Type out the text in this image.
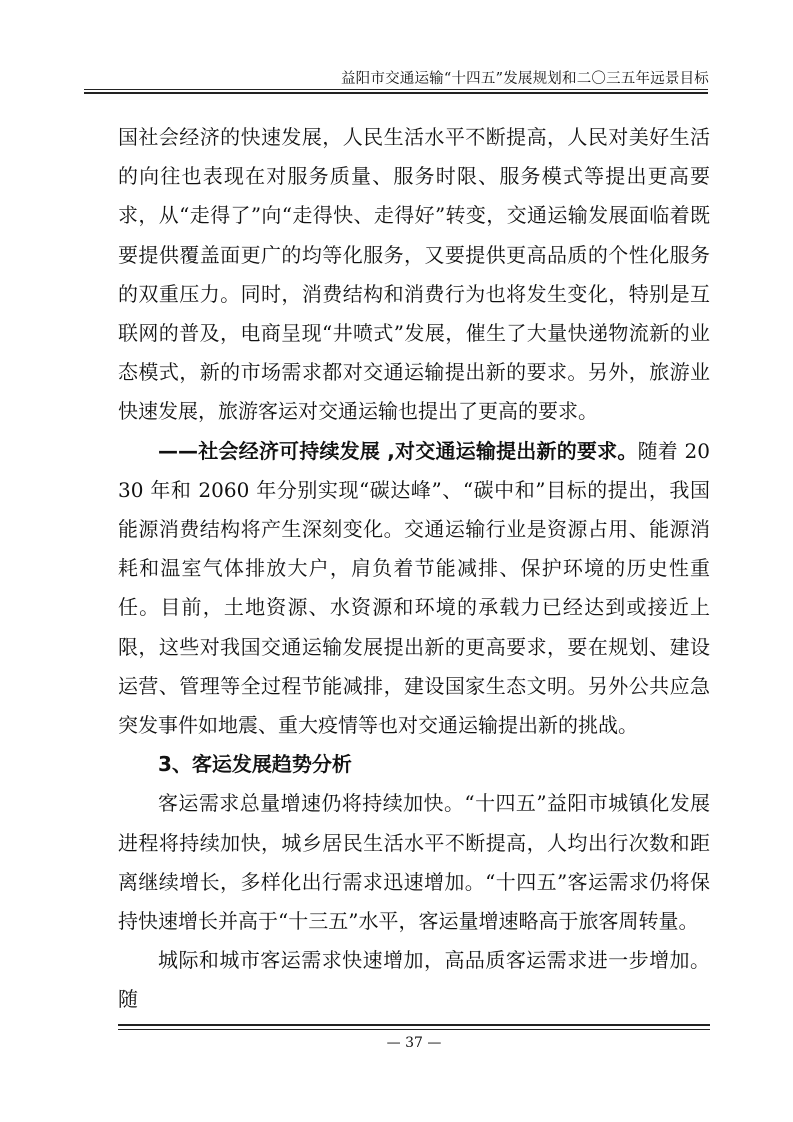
益阳市交通运输“十四五”发展规划和二〇三五年远景目标

国社会经济的快速发展，人民生活水平不断提高，人民对美好生活的向往也表现在对服务质量、服务时限、服务模式等提出更高要求，从“走得了”向“走得快、走得好”转变，交通运输发展面临着既要提供覆盖面更广的均等化服务，又要提供更高品质的个性化服务的双重压力。同时，消费结构和消费行为也将发生变化，特别是互联网的普及，电商呈现“井喷式”发展，催生了大量快递物流新的业态模式，新的市场需求都对交通运输提出新的要求。另外，旅游业快速发展，旅游客运对交通运输也提出了更高的要求。

——社会经济可持续发展 ,对交通运输提出新的要求。随着 2030 年和 2060 年分别实现“碳达峰”、“碳中和”目标的提出，我国能源消费结构将产生深刻变化。交通运输行业是资源占用、能源消耗和温室气体排放大户，肩负着节能减排、保护环境的历史性重任。目前，土地资源、水资源和环境的承载力已经达到或接近上限，这些对我国交通运输发展提出新的更高要求，要在规划、建设运营、管理等全过程节能减排，建设国家生态文明。另外公共应急突发事件如地震、重大疫情等也对交通运输提出新的挑战。

3、客运发展趋势分析

客运需求总量增速仍将持续加快。“十四五”益阳市城镇化发展进程将持续加快，城乡居民生活水平不断提高，人均出行次数和距离继续增长，多样化出行需求迅速增加。“十四五”客运需求仍将保持快速增长并高于“十三五”水平，客运量增速略高于旅客周转量。

城际和城市客运需求快速增加，高品质客运需求进一步增加。随

— 37 —
